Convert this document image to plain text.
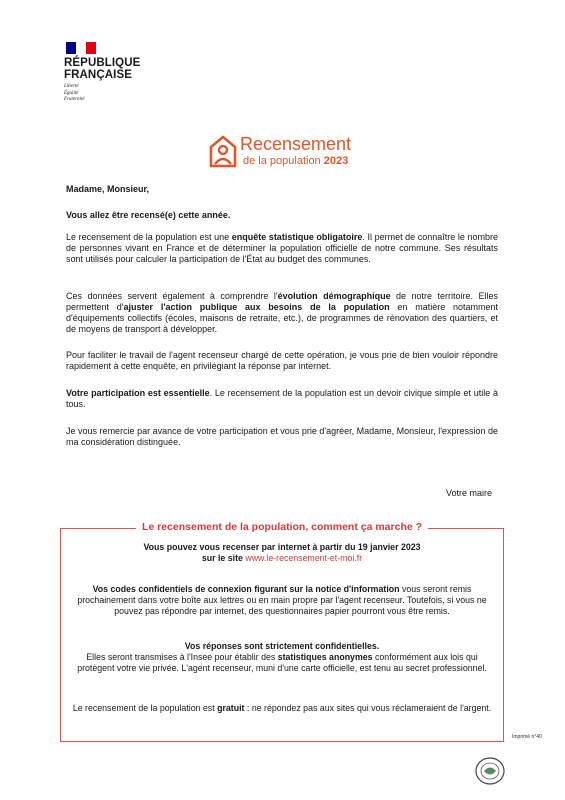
RÉPUBLIQUE
FRANÇAISE
Liberté
Égalité
Fraternité
Recensement
de la population 2023
Madame, Monsieur,
Vous allez être recensé(e) cette année.
Le recensement de la population est une enquête statistique obligatoire. Il permet de connaître le nombre de personnes vivant en France et de déterminer la population officielle de notre commune. Ses résultats sont utilisés pour calculer la participation de l'État au budget des communes.
Ces données servent également à comprendre l'évolution démographique de notre territoire. Elles permettent d'ajuster l'action publique aux besoins de la population en matière notamment d'équipements collectifs (écoles, maisons de retraite, etc.), de programmes de rénovation des quartiers, et de moyens de transport à développer.
Pour faciliter le travail de l'agent recenseur chargé de cette opération, je vous prie de bien vouloir répondre rapidement à cette enquête, en privilégiant la réponse par internet.
Votre participation est essentielle. Le recensement de la population est un devoir civique simple et utile à tous.
Je vous remercie par avance de votre participation et vous prie d'agréer, Madame, Monsieur, l'expression de ma considération distinguée.
Votre maire
Le recensement de la population, comment ça marche ?

Vous pouvez vous recenser par internet à partir du 19 janvier 2023
sur le site www.le-recensement-et-moi.fr

Vos codes confidentiels de connexion figurant sur la notice d'information vous seront remis prochainement dans votre boîte aux lettres ou en main propre par l'agent recenseur. Toutefois, si vous ne pouvez pas répondre par internet, des questionnaires papier pourront vous être remis.

Vos réponses sont strictement confidentielles.
Elles seront transmises à l'Insee pour établir des statistiques anonymes conformément aux lois qui protègent votre vie privée. L'agent recenseur, muni d'une carte officielle, est tenu au secret professionnel.

Le recensement de la population est gratuit : ne répondez pas aux sites qui vous réclameraient de l'argent.

Imprimé n°40
